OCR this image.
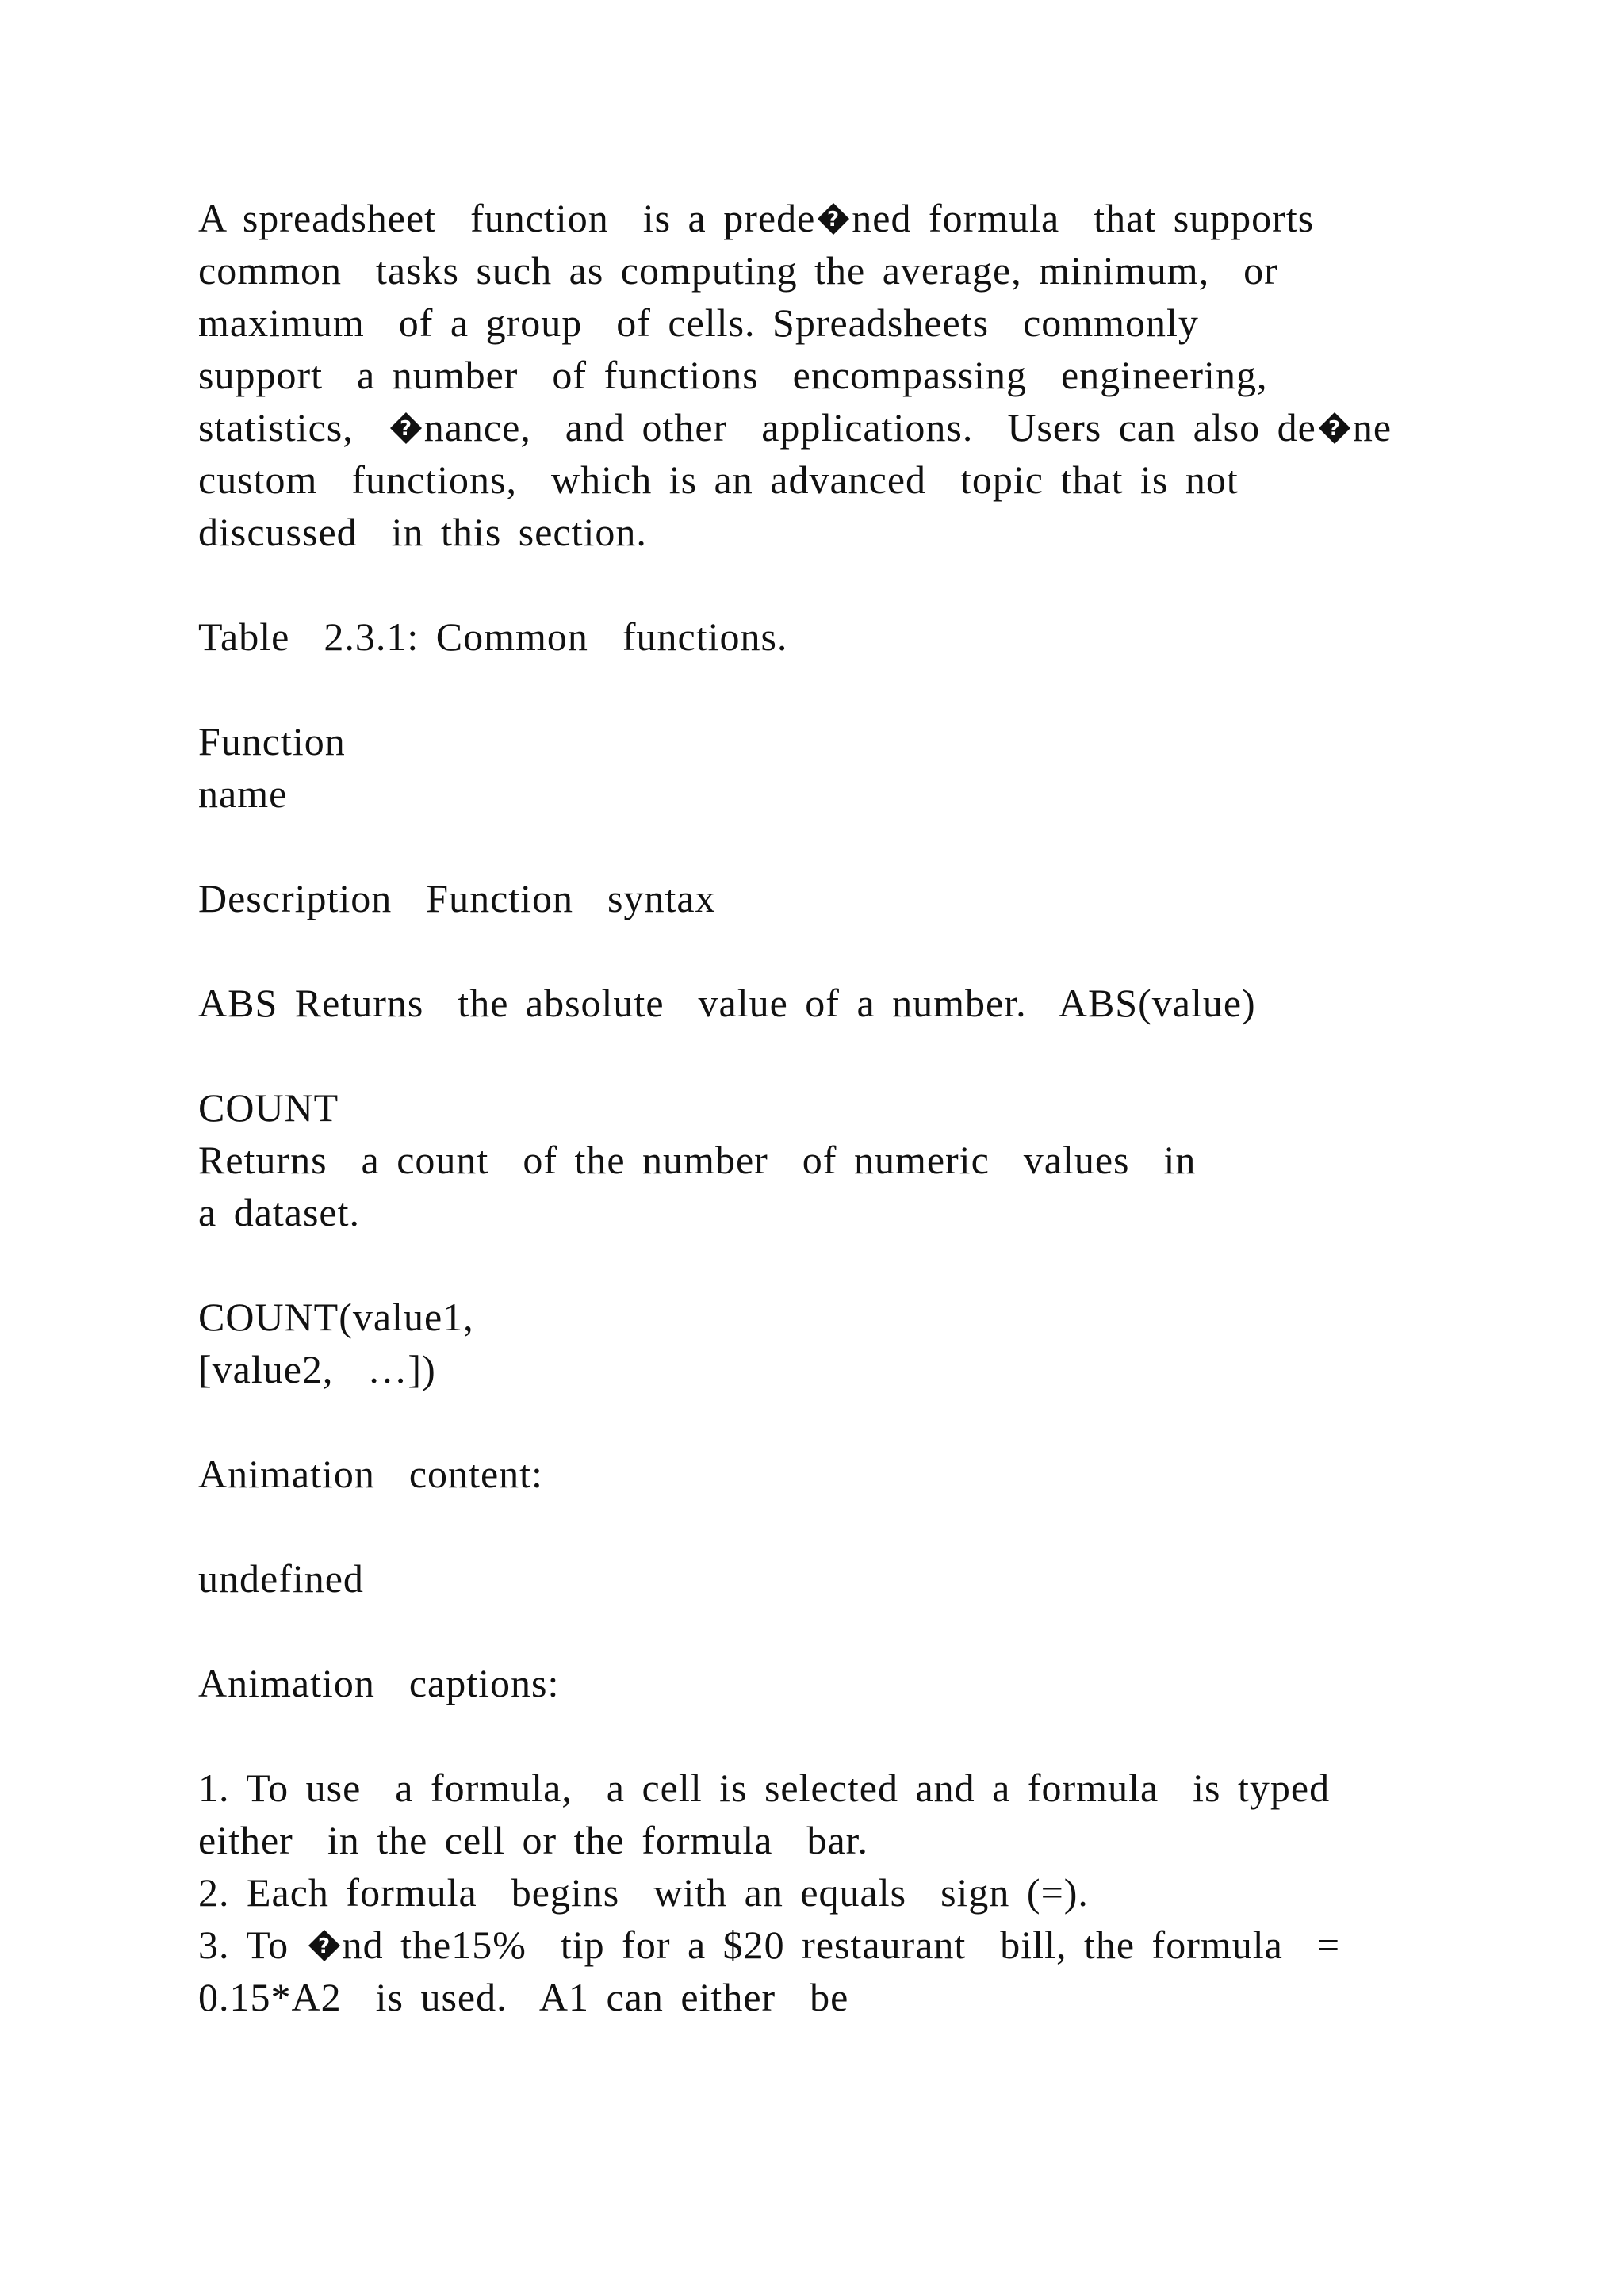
A spreadsheet  function  is a prede ? ned formula  that supports
common  tasks such as computing the average, minimum,  or
maximum  of a group  of cells. Spreadsheets  commonly
support  a number  of functions  encompassing  engineering,
statistics, ? nance,  and other  applications.  Users can also de ? ne
custom  functions,  which is an advanced  topic that is not
discussed  in this section.
Table  2.3.1: Common  functions.
Function
name
Description  Function  syntax
ABS Returns  the absolute  value of a number.  ABS(value)
COUNT
Returns  a count  of the number  of numeric  values  in
a dataset.
COUNT(value1,
[value2,  …])
Animation  content:
undefined
Animation  captions:
1. To use  a formula,  a cell is selected and a formula  is typed
either  in the cell or the formula  bar.
2. Each formula  begins  with an equals  sign (=).
3. To ? nd the15%  tip for a $20 restaurant  bill, the formula  =
0.15*A2  is used.  A1 can either  be
